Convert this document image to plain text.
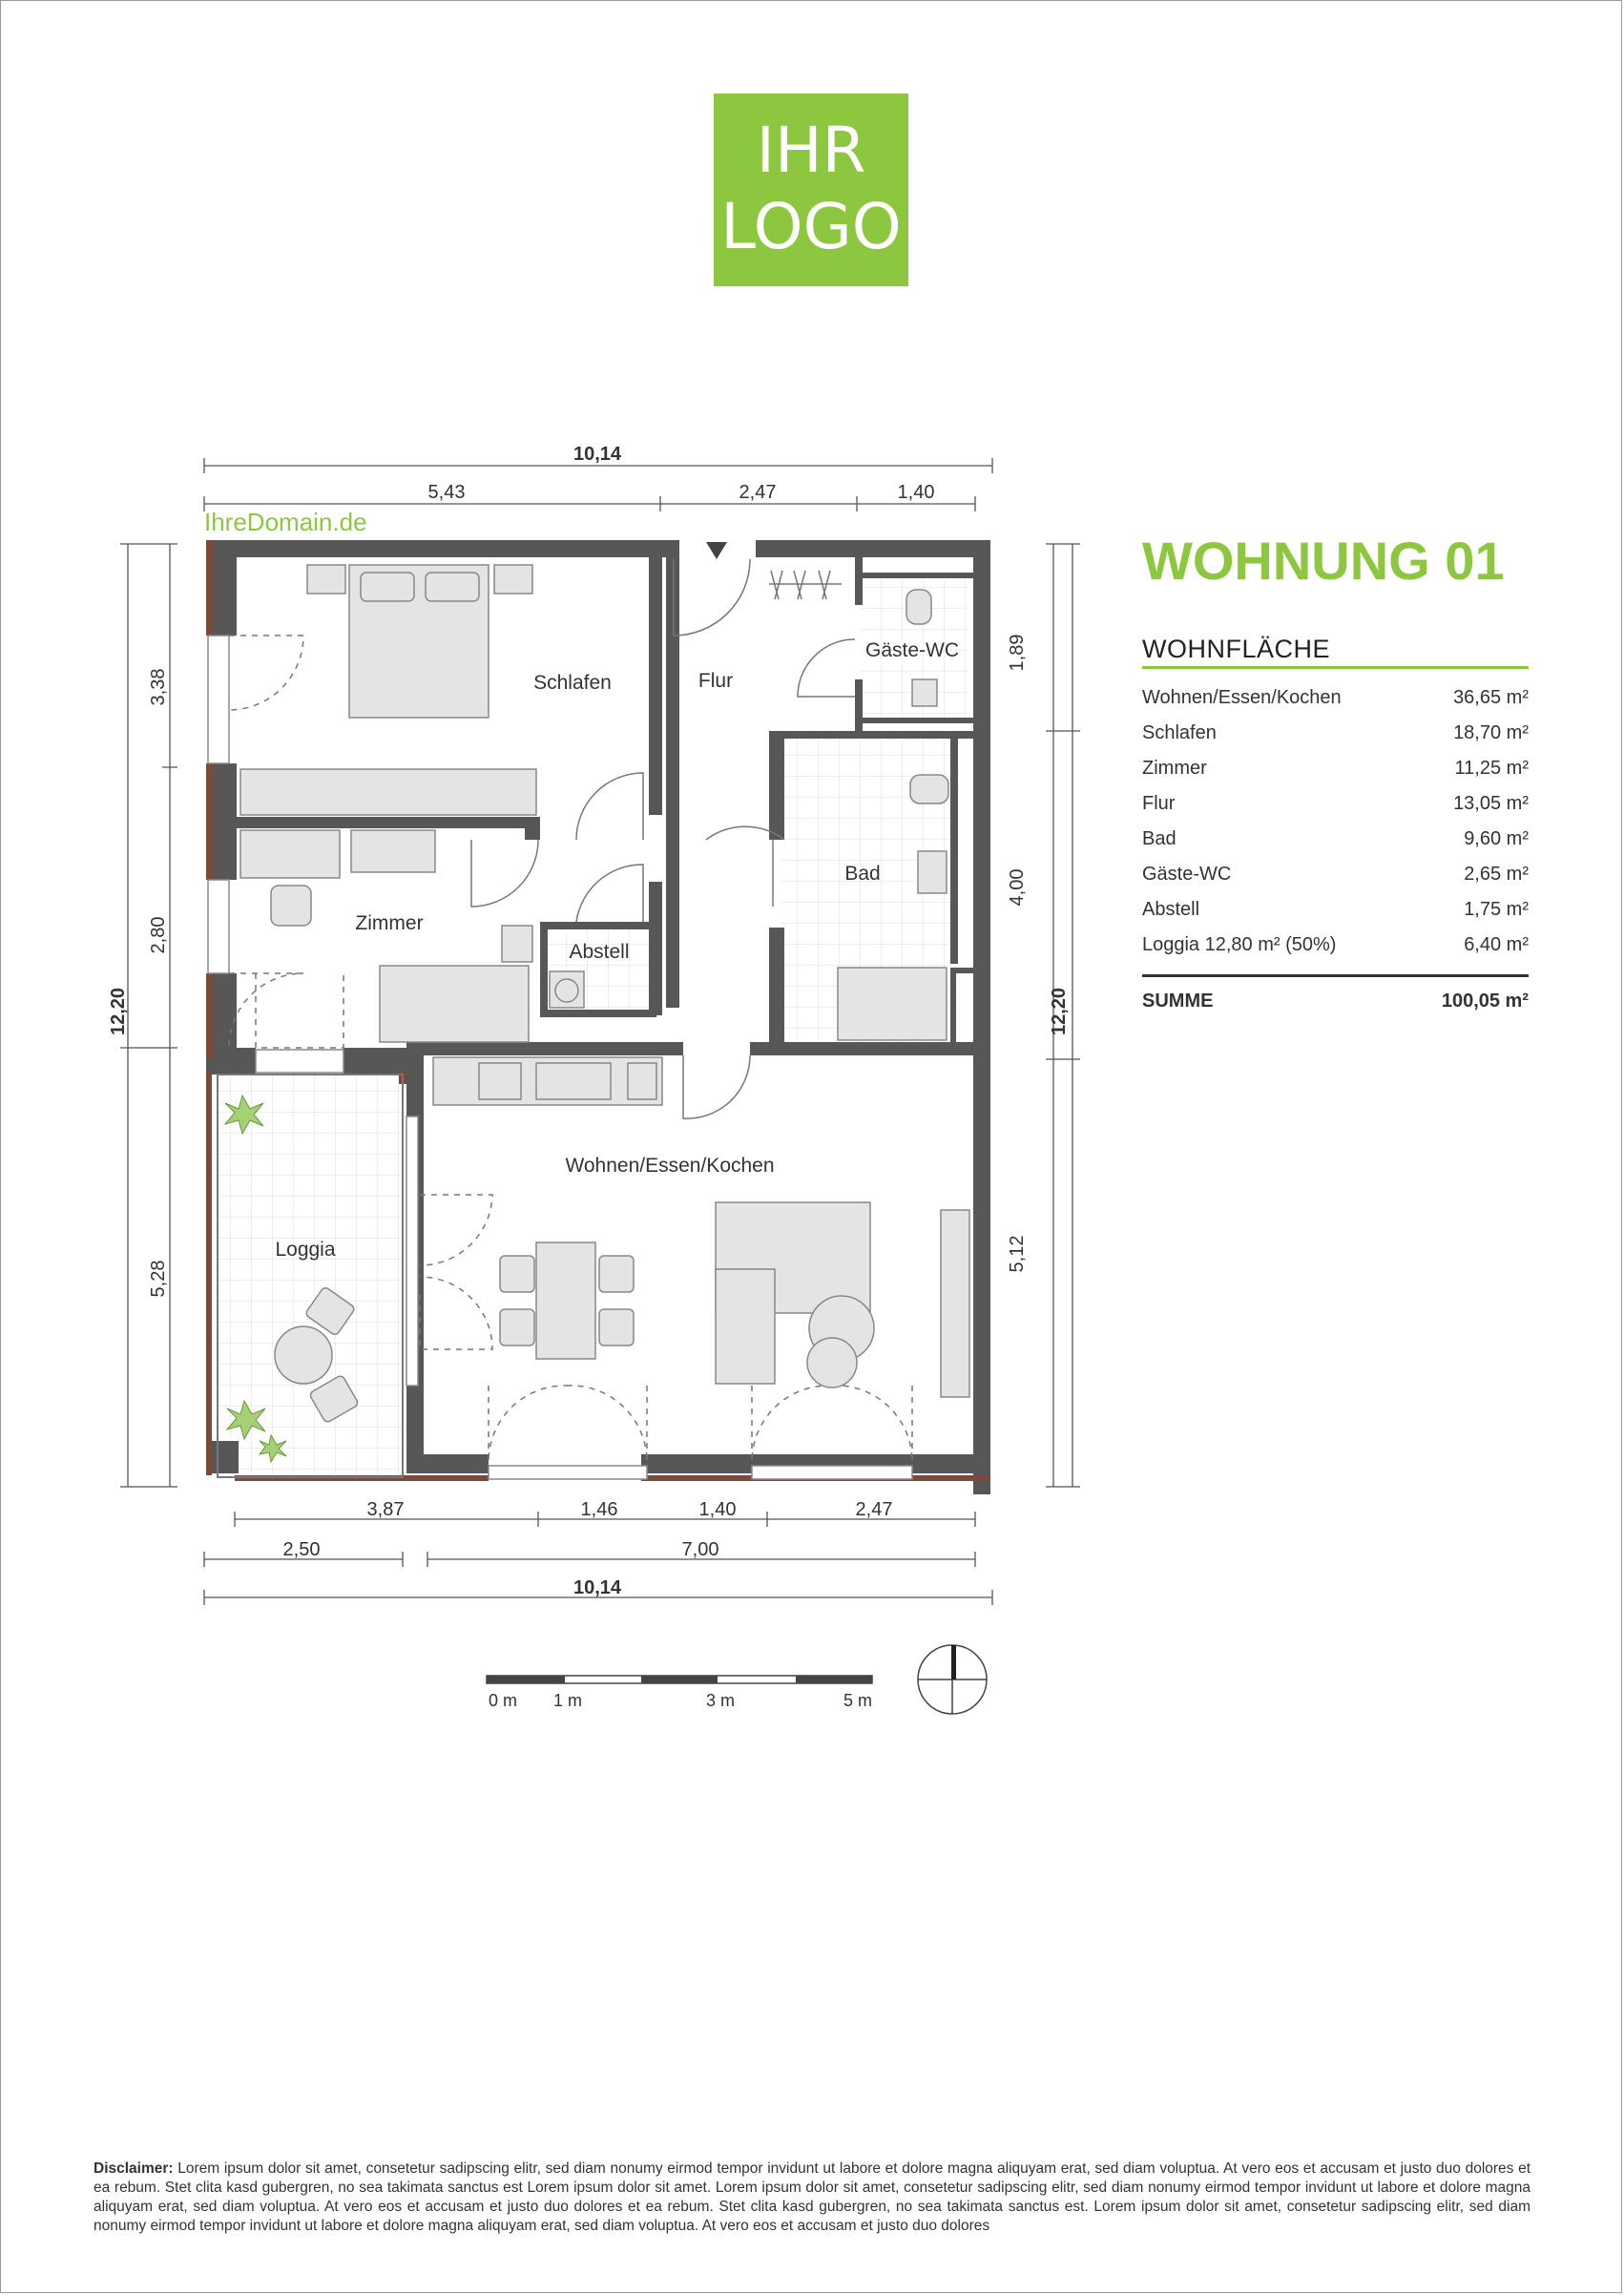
IHR
LOGO
IhreDomain.de
Schlafen	Flur
Gäste-WC
Zimmer
Abstell
Bad
Wohnen/Essen/Kochen
Loggia
10,14
5,43	2,47	1,40
12,20
3,38
2,80
5,28
12,20
1,89
4,00
5,12
3,87	1,46	1,40	2,47
2,50	7,00
10,14
0 m 1 m	3 m	5 m
WOHNUNG 01
WOHNFLÄCHE
Wohnen/Essen/Kochen	36,65 m²
Schlafen	18,70 m²
Zimmer	11,25 m²
Flur	13,05 m²
Bad	9,60 m²
Gäste-WC	2,65 m²
Abstell	1,75 m²
Loggia 12,80 m² (50%)	6,40 m²
SUMME	100,05 m²
Disclaimer: Lorem ipsum dolor sit amet, consetetur sadipscing elitr, sed diam nonumy eirmod tempor invidunt ut labore et dolore magna aliquyam erat, sed diam voluptua. At vero eos et accusam et justo duo dolores et ea rebum. Stet clita kasd gubergren, no sea takimata sanctus est Lorem ipsum dolor sit amet. Lorem ipsum dolor sit amet, consetetur sadipscing elitr, sed diam nonumy eirmod tempor invidunt ut labore et dolore magna aliquyam erat, sed diam voluptua. At vero eos et accusam et justo duo dolores et ea rebum. Stet clita kasd gubergren, no sea takimata sanctus est. Lorem ipsum dolor sit amet, consetetur sadipscing elitr, sed diam nonumy eirmod tempor invidunt ut labore et dolore magna aliquyam erat, sed diam voluptua. At vero eos et accusam et justo duo dolores
